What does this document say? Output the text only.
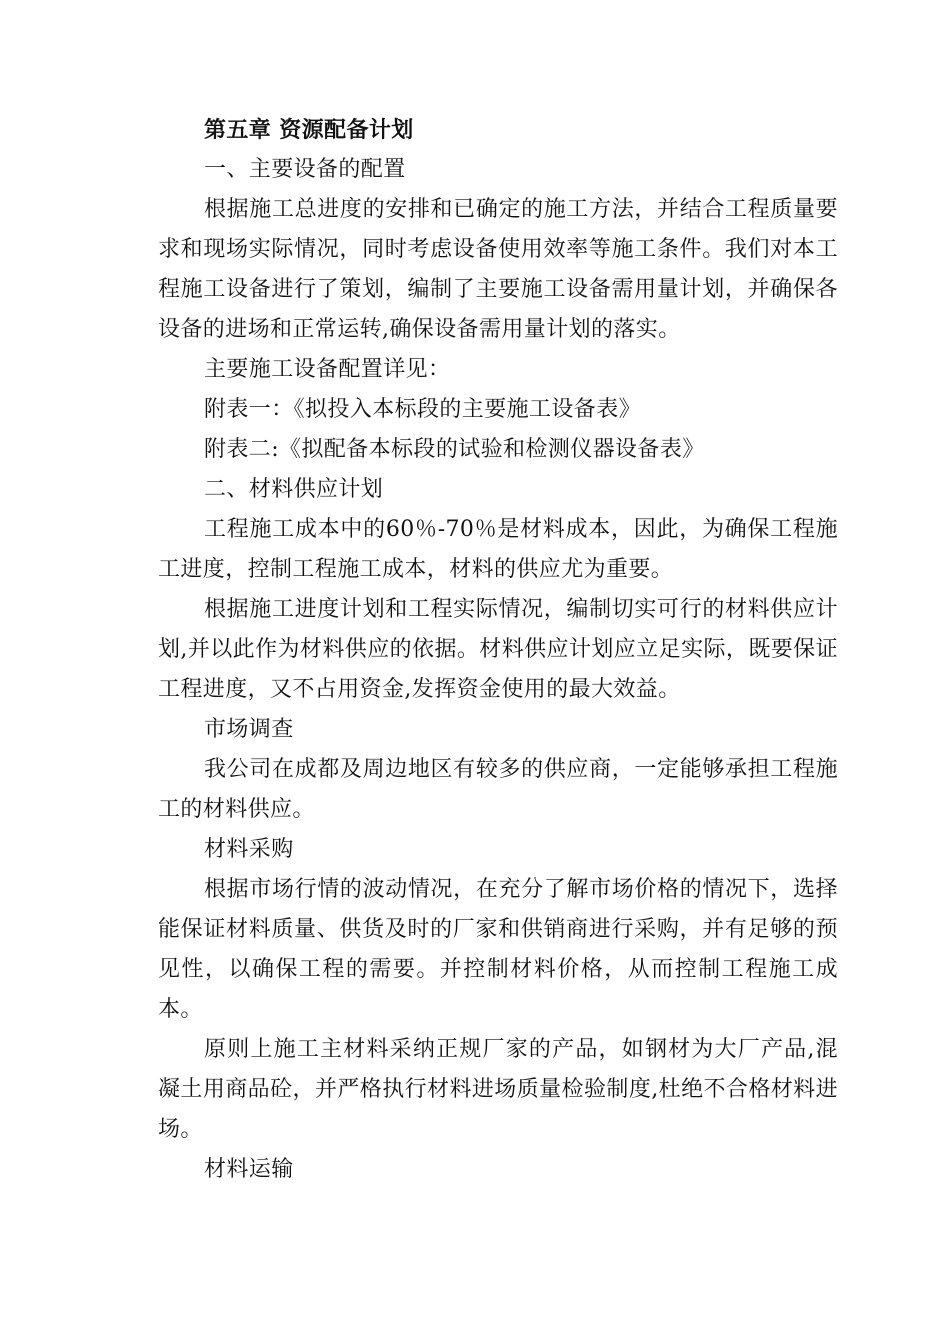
第五章 资源配备计划

一、主要设备的配置

根据施工总进度的安排和已确定的施工方法，并结合工程质量要求和现场实际情况，同时考虑设备使用效率等施工条件。我们对本工程施工设备进行了策划，编制了主要施工设备需用量计划，并确保各设备的进场和正常运转,确保设备需用量计划的落实。

主要施工设备配置详见：

附表一：《拟投入本标段的主要施工设备表》

附表二:《拟配备本标段的试验和检测仪器设备表》

二、材料供应计划

工程施工成本中的60％-70％是材料成本，因此，为确保工程施工进度，控制工程施工成本，材料的供应尤为重要。

根据施工进度计划和工程实际情况，编制切实可行的材料供应计划,并以此作为材料供应的依据。材料供应计划应立足实际，既要保证工程进度，又不占用资金,发挥资金使用的最大效益。

市场调查

我公司在成都及周边地区有较多的供应商，一定能够承担工程施工的材料供应。

材料采购

根据市场行情的波动情况，在充分了解市场价格的情况下，选择能保证材料质量、供货及时的厂家和供销商进行采购，并有足够的预见性，以确保工程的需要。并控制材料价格，从而控制工程施工成本。

原则上施工主材料采纳正规厂家的产品，如钢材为大厂产品,混凝土用商品砼，并严格执行材料进场质量检验制度,杜绝不合格材料进场。

材料运输
